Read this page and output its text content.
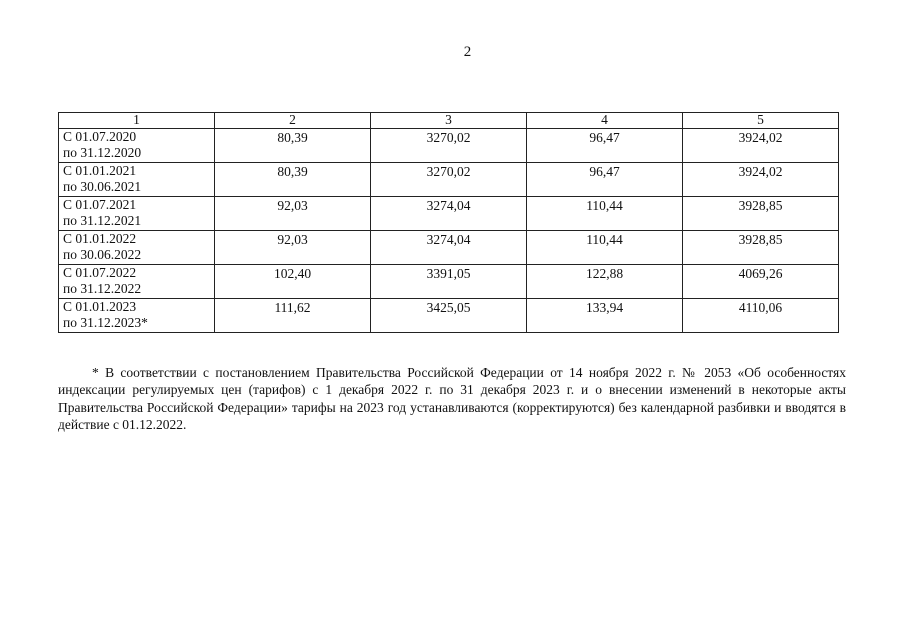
2
1	2	3	4	5

С 01.07.2020
по 31.12.2020	80,39	3270,02	96,47	3924,02

С 01.01.2021
по 30.06.2021	80,39	3270,02	96,47	3924,02

С 01.07.2021
по 31.12.2021	92,03	3274,04	110,44	3928,85

С 01.01.2022
по 30.06.2022	92,03	3274,04	110,44	3928,85

С 01.07.2022
по 31.12.2022	102,40	3391,05	122,88	4069,26

С 01.01.2023
по 31.12.2023*	111,62	3425,05	133,94	4110,06

* В соответствии с постановлением Правительства Российской Федерации от 14 ноября 2022 г. № 2053 «Об особенностях индексации регулируемых цен (тарифов) с 1 декабря 2022 г. по 31 декабря 2023 г. и о внесении изменений в некоторые акты Правительства Российской Федерации» тарифы на 2023 год устанавливаются (корректируются) без календарной разбивки и вводятся в действие с 01.12.2022.
